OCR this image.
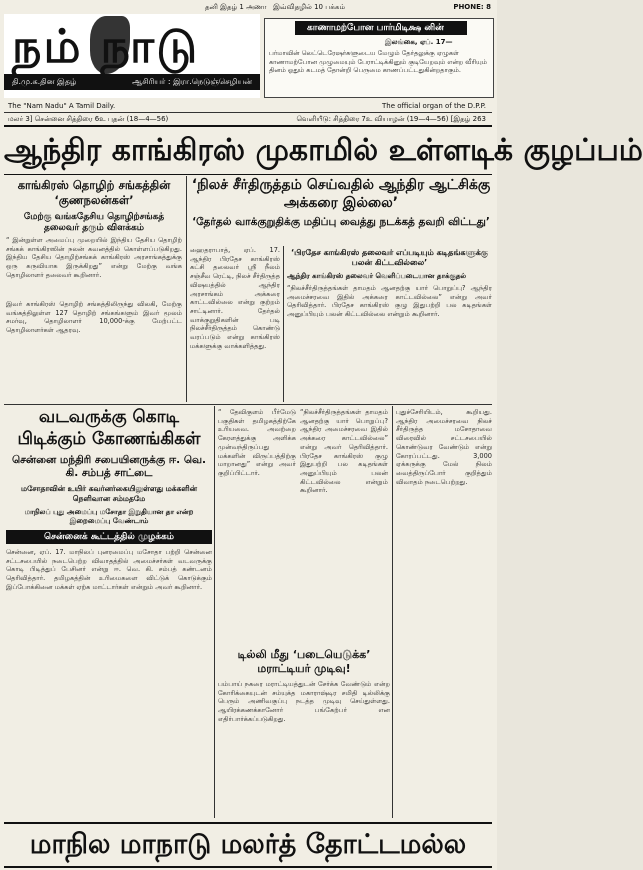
தனி இதழ் 1 அணா இவ்விதழில் 10 பக்கம்	PHONE: 8
நம் நாடு
தி.மு.க.தின இதழ்	ஆசிரியர் : இரா.நெடுஞ்செழியன்
காணாமற்போன பார்மிடிக்ஷ னின்
இலங்கை, ஏப். 17—
பர்மாவின் லெட்டெரேஷர்களுடைய மேழும் தேர்தலுக்கு ஏழுகள் காணாமற்போன முழுமையும் பேராட்டிக்கினும் குடியேறவும் என்ற வீரியும் தினம் ஓதும் கடமத் தோன்றி பெருமை காணப்பட்டதுகின்றதாகும்.
The "Nam Nadu" A Tamil Daily.	The official organ of the D.P.P.
மலர் 3] சென்னை சித்திரை 6உ புதன் (18—4—56)	வெளியீடு: சித்திரை 7உ வியாழன் (19—4—56) [இதழ் 263
ஆந்திர காங்கிரஸ் முகாமில் உள்ளடிக் குழப்பம்
காங்கிரஸ் தொழிற் சங்கத்தின் ‘குணநலன்கள்’
மேற்கு வங்கதேசிய தொழிற்சங்கத் தலைவர் தரும் விளக்கம்
“ இன்றுள்ள அமைப்பு முறையில் இந்திய தேசிய தொழிற் சங்கக் காங்கிரஸின் நலன் கவனத்தில் கொள்ளப்படுகிறது. இந்திய தேசிய தொழிற்சங்கக் காங்கிரஸ் அரசாங்கத்துக்கு ஒரு கருவியாக இருக்கிறது” என்று மேற்கு வங்க தொழிலாளர் தலைவர் கூறினார்.
இவர் காங்கிரஸ் தொழிற் சங்கத்திலிருந்து விலகி, மேற்கு வங்கத்திலுள்ள 127 தொழிற் சங்கங்களும் இவர் மூலம் சமர்வு, தொழிலாளர் 10,000-க்கு மேற்பட்ட தொழிலாளர்கள் ஆதரவு.
‘நிலச் சீர்திருத்தம் செய்வதில் ஆந்திர ஆட்சிக்கு அக்கரை இல்லை’
‘தேர்தல் வாக்குறுதிக்கு மதிப்பு வைத்து நடக்கத் தவறி விட்டது’
ஹைதராபாத், ஏப். 17. ஆந்திர பிரதேச காங்கிரஸ் கட்சி தலைவர் ஸ்ரீ நீலம் சஞ்சீவ ரெட்டி, நிலச் சீர்திருத்த விஷயத்தில் ஆந்திர அரசாங்கம் அக்கரை காட்டவில்லை என்று குற்றம் சாட்டினார். தேர்தல் வாக்குறுதிகளின் படி நிலச்சீர்திருத்தம் கொண்டு வரப்படும் என்று காங்கிரஸ் மக்களுக்கு வாக்களித்தது.
‘பிரதேச காங்கிரஸ் தலைவர் எப்படியும் கடிதங்களுக்கு பலன் கிட்டவில்லை’
ஆந்திர காங்கிரஸ் தலைவர் வெளிப்படையான தாக்குதல்
“நிலச்சீர்திருத்தங்கள் தாமதம் ஆனதற்கு யார் பொறுப்பு? ஆந்திர அமைச்சரவை இதில் அக்கரை காட்டவில்லை” என்று அவர் தெரிவித்தார். பிரதேச காங்கிரஸ் குழு இதுபற்றி பல கடிதங்கள் அனுப்பியும் பலன் கிட்டவில்லை என்றும் கூறினார்.
வடவருக்கு கொடி பிடிக்கும் கோணங்கிகள்
சென்னை மந்திரி சபையினருக்கு ஈ. வெ. கி. சம்பத் சாட்டை
மசோதாவின் உயிர் கவர்னர்கையிலுள்ளது மக்களின் நெளிவான சம்மதமே
மாநிலப் புது அமைப்பு மசோதா இறுதியான தா என்ற இறைமைப்பு வேண்டாம்
சென்னைக் கூட்டத்தில் முழக்கம்
சென்னை, ஏப். 17. மாநிலப் புனரமைப்பு மசோதா பற்றி சென்னை சட்டசபையில் நடைபெற்ற விவாதத்தில் அமைச்சர்கள் வடவருக்கு கொடி பிடித்துப் பேசினர் என்று ஈ. வெ. கி. சம்பத் கண்டனம் தெரிவித்தார். தமிழகத்தின் உரிமைகளை விட்டுக் கொடுக்கும் இப்போக்கினை மக்கள் ஏற்க மாட்டார்கள் என்றும் அவர் கூறினார்.
“ தேவிகுளம் பீர்மேடு பகுதிகள் தமிழகத்திற்கே உரியவை. அவற்றை கேரளத்துக்கு அளிக்க முன்வந்திருப்பது மக்களின் விருப்பத்திற்கு மாறானது” என்று அவர் குறிப்பிட்டார்.
“நிலச்சீர்திருத்தங்கள் தாமதம் ஆனதற்கு யார் பொறுப்பு? ஆந்திர அமைச்சரவை இதில் அக்கரை காட்டவில்லை” என்று அவர் தெரிவித்தார். பிரதேச காங்கிரஸ் குழு இதுபற்றி பல கடிதங்கள் அனுப்பியும் பலன் கிட்டவில்லை என்றும் கூறினார்.
புதுச்சேரியிடம், கூறியது. ஆந்திர அமைச்சரவை நிலச் சீர்திருத்த மசோதாவை விரைவில் சட்டசபையில் கொண்டுவர வேண்டும் என்று கோரப்பட்டது. 3,000 ஏக்கருக்கு மேல் நிலம் வைத்திருப்போர் குறித்தும் விவாதம் நடைபெற்றது.
டில்லி மீது ‘படையெடுக்க’ மராட்டியர் முடிவு!
பம்பாய் நகரை மராட்டியத்துடன் சேர்க்க வேண்டும் என்ற கோரிக்கையுடன் சம்யுக்த மகாராஷ்டிர சமிதி டில்லிக்கு பெரும் அணிவகுப்பு நடத்த முடிவு செய்துள்ளது. ஆயிரக்கணக்கானோர் பங்கேற்பர் என எதிர்பார்க்கப்படுகிறது.
மாநில மாநாடு மலர்த் தோட்டமல்ல
